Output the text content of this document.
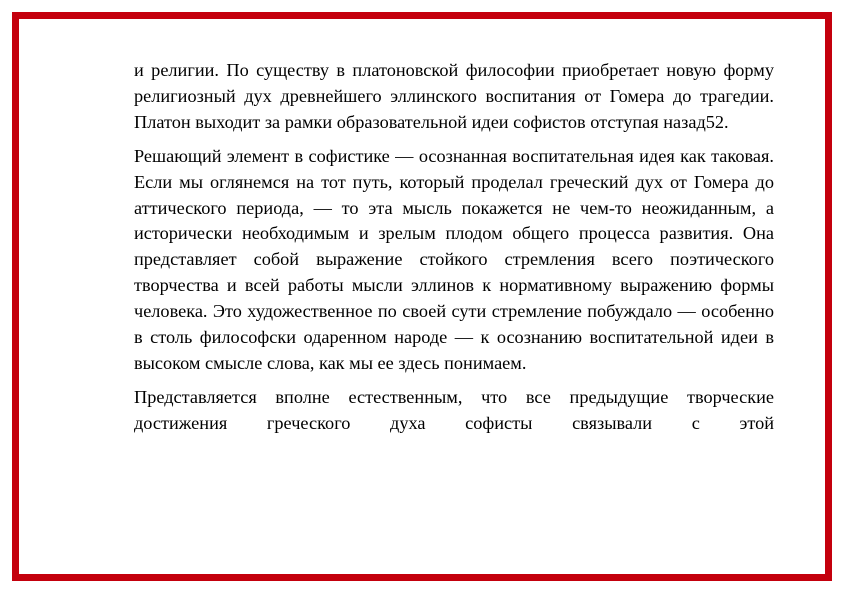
и религии. По существу в платоновской философии приобретает новую форму религиозный дух древнейшего эллинского воспитания от Гомера до трагедии. Платон выходит за рамки образовательной идеи софистов отступая назад52.

Решающий элемент в софистике — осознанная воспитательная идея как таковая. Если мы оглянемся на тот путь, который проделал греческий дух от Гомера до аттического периода, — то эта мысль покажется не чем-то неожиданным, а исторически необходимым и зрелым плодом общего процесса развития. Она представляет собой выражение стойкого стремления всего поэтического творчества и всей работы мысли эллинов к нормативному выражению формы человека. Это художественное по своей сути стремление побуждало — особенно в столь философски одаренном народе — к осознанию воспитательной идеи в высоком смысле слова, как мы ее здесь понимаем.

Представляется вполне естественным, что все предыдущие творческие достижения греческого духа софисты связывали с этой
